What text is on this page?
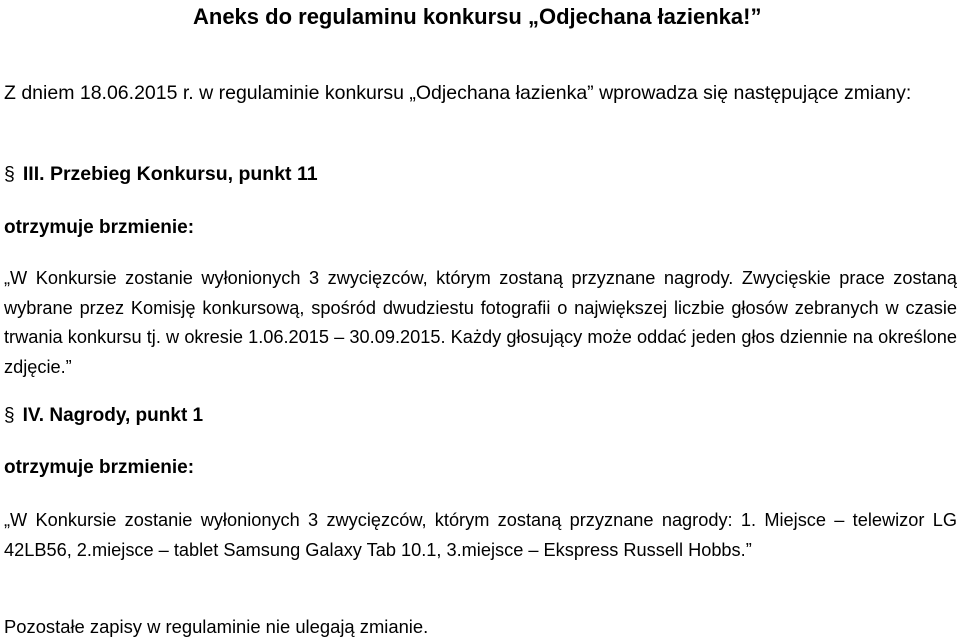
Aneks do regulaminu konkursu „Odjechana łazienka!”
Z dniem 18.06.2015 r. w regulaminie konkursu „Odjechana łazienka” wprowadza się następujące zmiany:
§ III. Przebieg Konkursu, punkt 11
otrzymuje brzmienie:
„W Konkursie zostanie wyłonionych 3 zwycięzców, którym zostaną przyznane nagrody. Zwycięskie prace zostaną wybrane przez Komisję konkursową, spośród dwudziestu fotografii o największej liczbie głosów zebranych w czasie trwania konkursu tj. w okresie 1.06.2015 – 30.09.2015. Każdy głosujący może oddać jeden głos dziennie na określone zdjęcie.”
§ IV. Nagrody, punkt 1
otrzymuje brzmienie:
„W Konkursie zostanie wyłonionych 3 zwycięzców, którym zostaną przyznane nagrody: 1. Miejsce – telewizor LG 42LB56, 2.miejsce – tablet Samsung Galaxy Tab 10.1, 3.miejsce – Ekspress Russell Hobbs.”
Pozostałe zapisy w regulaminie nie ulegają zmianie.
